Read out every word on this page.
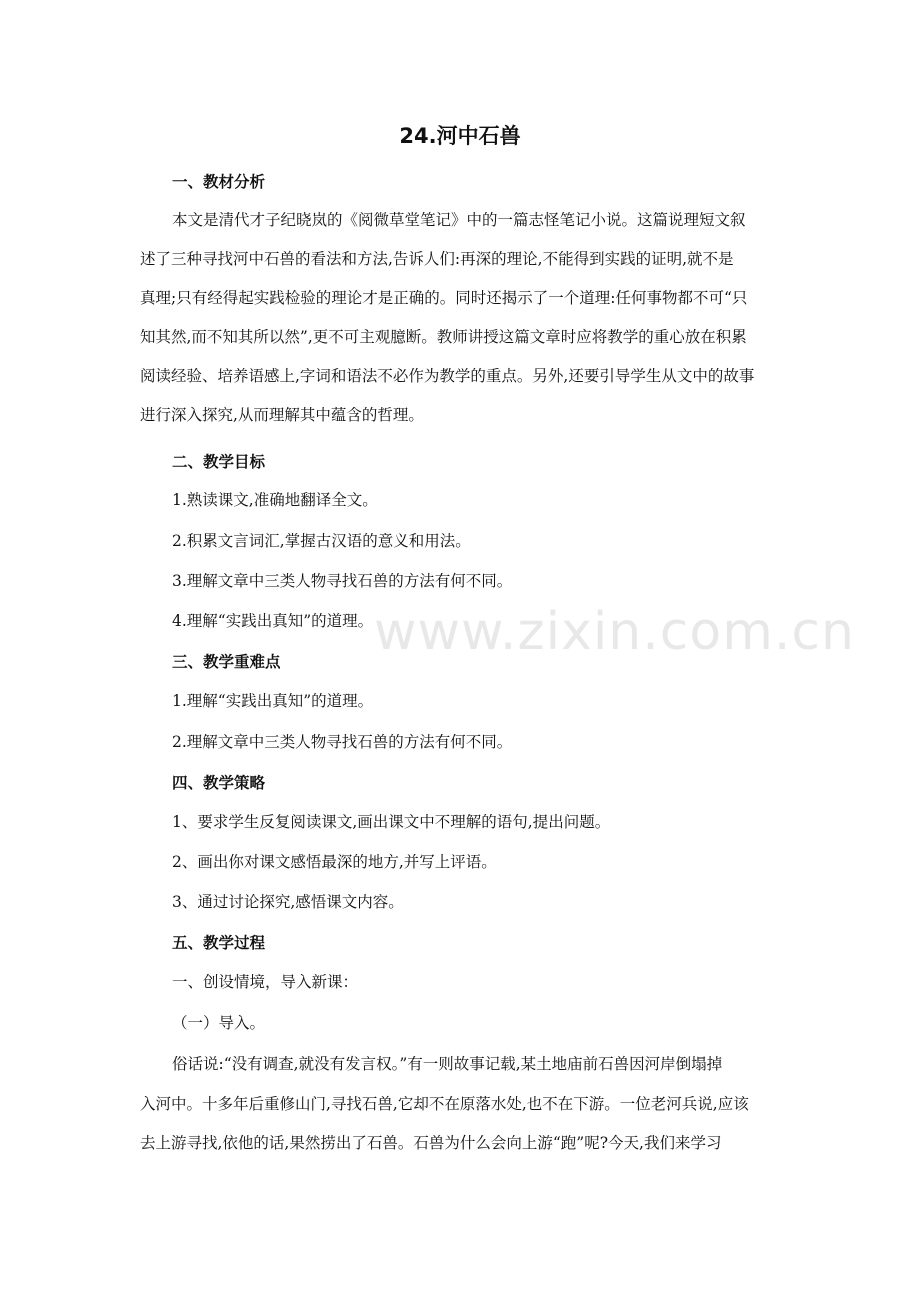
24.河中石兽

一、教材分析

本文是清代才子纪晓岚的《阅微草堂笔记》中的一篇志怪笔记小说。这篇说理短文叙

述了三种寻找河中石兽的看法和方法,告诉人们:再深的理论,不能得到实践的证明,就不是

真理;只有经得起实践检验的理论才是正确的。同时还揭示了一个道理:任何事物都不可“只

知其然,而不知其所以然”,更不可主观臆断。教师讲授这篇文章时应将教学的重心放在积累

阅读经验、培养语感上,字词和语法不必作为教学的重点。另外,还要引导学生从文中的故事

进行深入探究,从而理解其中蕴含的哲理。

二、教学目标

1.熟读课文,准确地翻译全文。

2.积累文言词汇,掌握古汉语的意义和用法。

3.理解文章中三类人物寻找石兽的方法有何不同。

4.理解“实践出真知”的道理。

三、教学重难点

1.理解“实践出真知”的道理。

2.理解文章中三类人物寻找石兽的方法有何不同。

四、教学策略

1、要求学生反复阅读课文,画出课文中不理解的语句,提出问题。

2、画出你对课文感悟最深的地方,并写上评语。

3、通过讨论探究,感悟课文内容。

五、教学过程

一、创设情境，导入新课：

（一）导入。

俗话说:“没有调查,就没有发言权。”有一则故事记载,某土地庙前石兽因河岸倒塌掉

入河中。十多年后重修山门,寻找石兽,它却不在原落水处,也不在下游。一位老河兵说,应该

去上游寻找,依他的话,果然捞出了石兽。石兽为什么会向上游“跑”呢?今天,我们来学习

www.zixin.com.cn
